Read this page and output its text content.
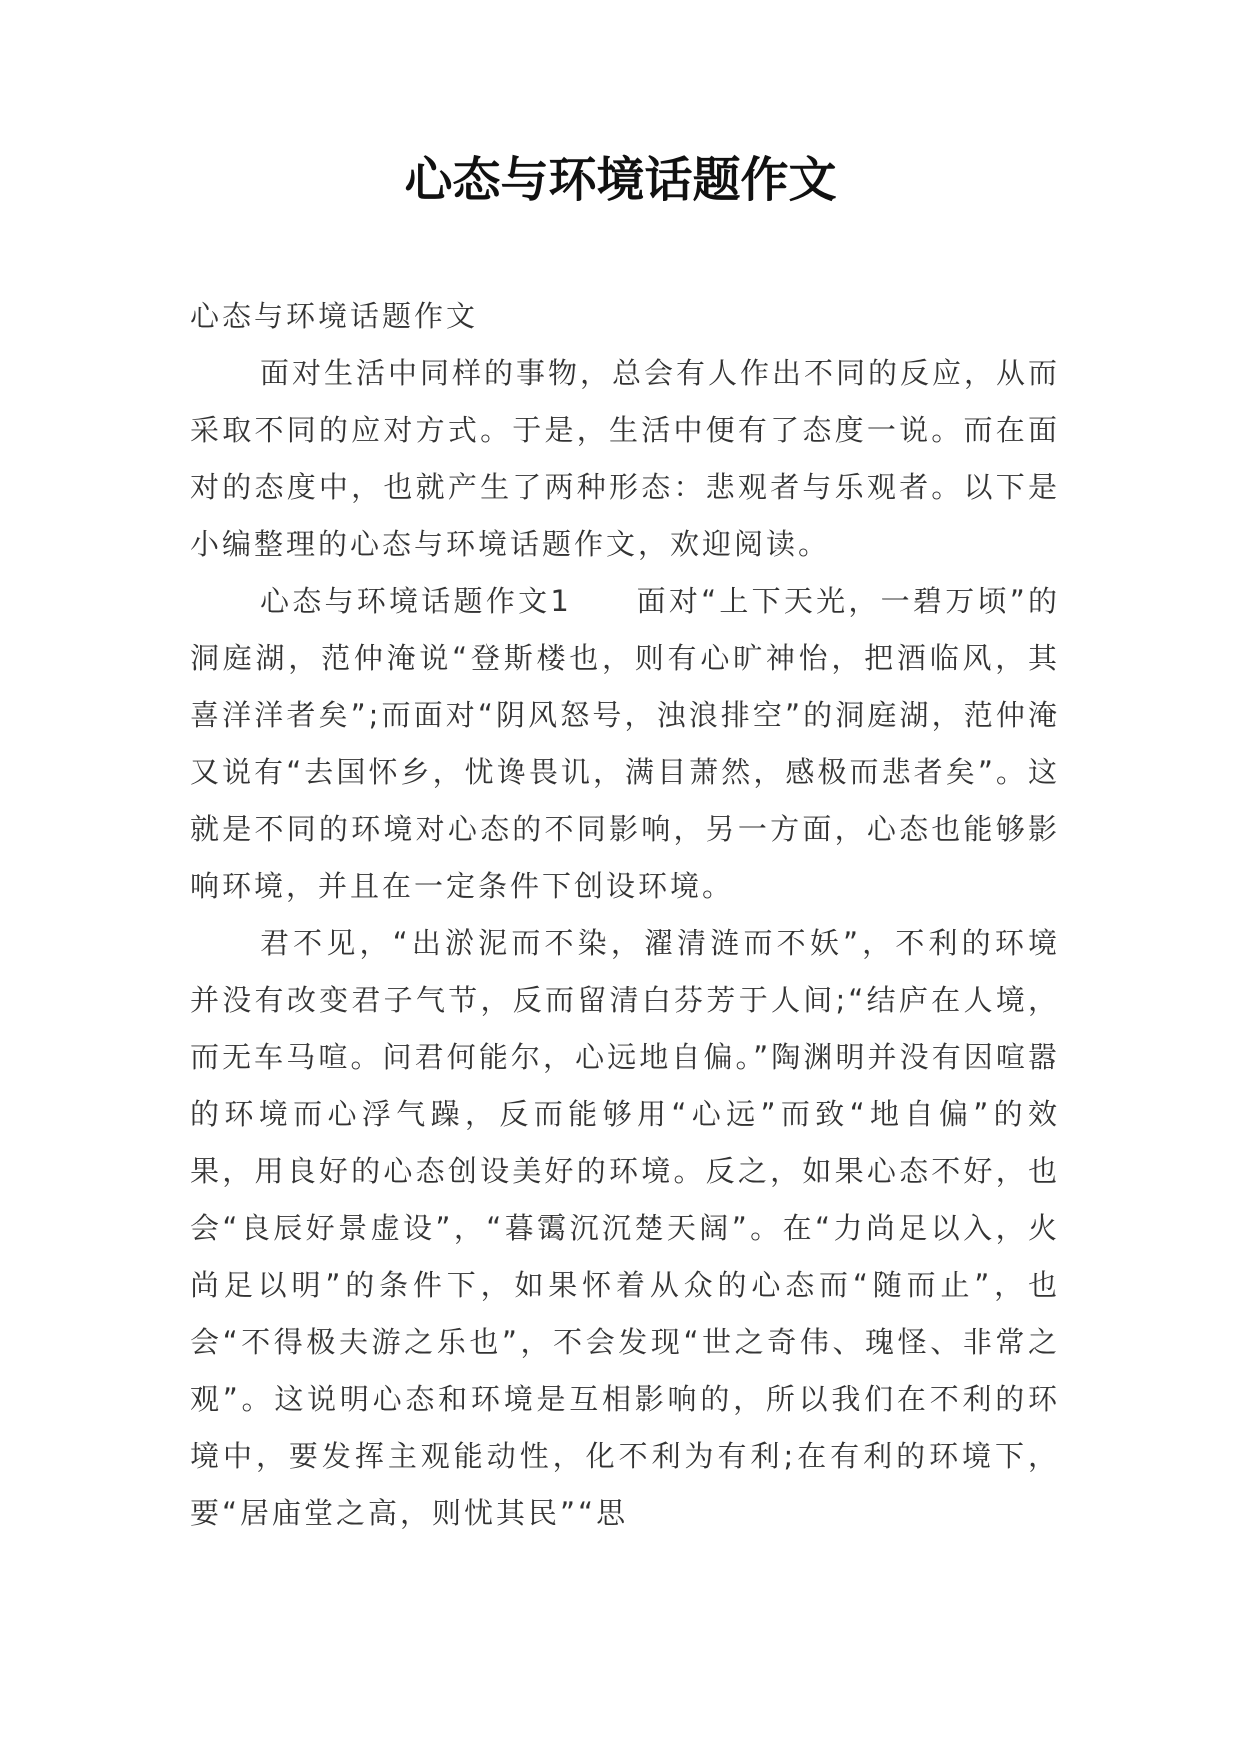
心态与环境话题作文

心态与环境话题作文

面对生活中同样的事物，总会有人作出不同的反应，从而采取不同的应对方式。于是，生活中便有了态度一说。而在面对的态度中，也就产生了两种形态：悲观者与乐观者。以下是小编整理的心态与环境话题作文，欢迎阅读。

心态与环境话题作文1　　面对“上下天光，一碧万顷”的洞庭湖，范仲淹说“登斯楼也，则有心旷神怡，把酒临风，其喜洋洋者矣”;而面对“阴风怒号，浊浪排空”的洞庭湖，范仲淹又说有“去国怀乡，忧谗畏讥，满目萧然，感极而悲者矣”。这就是不同的环境对心态的不同影响，另一方面，心态也能够影响环境，并且在一定条件下创设环境。

君不见，“出淤泥而不染，濯清涟而不妖”，不利的环境并没有改变君子气节，反而留清白芬芳于人间;“结庐在人境，而无车马喧。问君何能尔，心远地自偏。”陶渊明并没有因喧嚣的环境而心浮气躁，反而能够用“心远”而致“地自偏”的效果，用良好的心态创设美好的环境。反之，如果心态不好，也会“良辰好景虚设”，“暮霭沉沉楚天阔”。在“力尚足以入，火尚足以明”的条件下，如果怀着从众的心态而“随而止”，也会“不得极夫游之乐也”，不会发现“世之奇伟、瑰怪、非常之观”。这说明心态和环境是互相影响的，所以我们在不利的环境中，要发挥主观能动性，化不利为有利;在有利的环境下，要“居庙堂之高，则忧其民”“思
